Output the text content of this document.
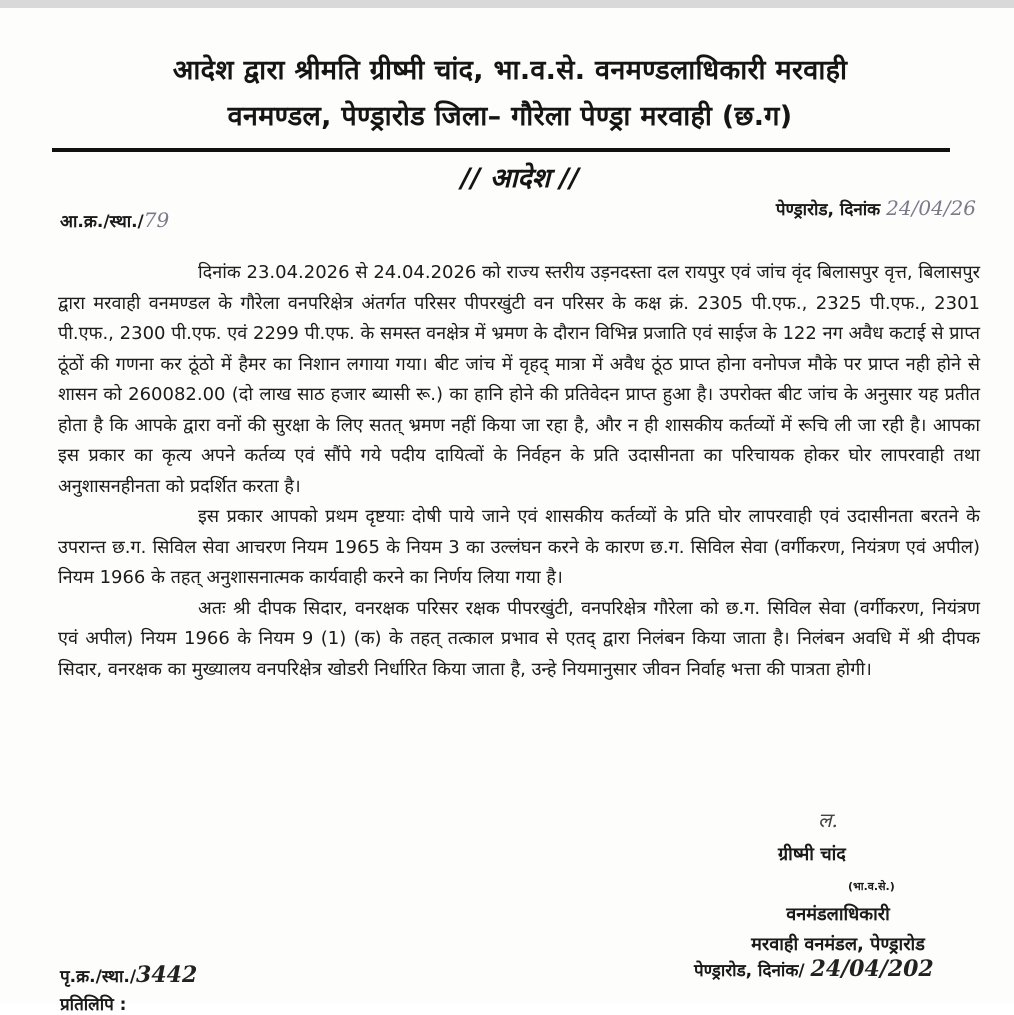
आदेश द्वारा श्रीमति ग्रीष्मी चांद, भा.व.से. वनमण्डलाधिकारी मरवाही
वनमण्डल, पेण्ड्रारोड जिला– गौरेला पेण्ड्रा मरवाही (छ.ग)
// आदेश //
आ.क्र./स्था./79	पेण्ड्रारोड, दिनांक 24/04/26

दिनांक 23.04.2026 से 24.04.2026 को राज्य स्तरीय उड़नदस्ता दल रायपुर एवं जांच वृंद बिलासपुर वृत्त, बिलासपुर द्वारा मरवाही वनमण्डल के गौरेला वनपरिक्षेत्र अंतर्गत परिसर पीपरखुंटी वन परिसर के कक्ष क्रं. 2305 पी.एफ., 2325 पी.एफ., 2301 पी.एफ., 2300 पी.एफ. एवं 2299 पी.एफ. के समस्त वनक्षेत्र में भ्रमण के दौरान विभिन्न प्रजाति एवं साईज के 122 नग अवैध कटाई से प्राप्त ठूंठों की गणना कर ठूंठो में हैमर का निशान लगाया गया। बीट जांच में वृहद् मात्रा में अवैध ठूंठ प्राप्त होना वनोपज मौके पर प्राप्त नही होने से शासन को 260082.00 (दो लाख साठ हजार ब्यासी रू.) का हानि होने की प्रतिवेदन प्राप्त हुआ है। उपरोक्त बीट जांच के अनुसार यह प्रतीत होता है कि आपके द्वारा वनों की सुरक्षा के लिए सतत् भ्रमण नहीं किया जा रहा है, और न ही शासकीय कर्तव्यों में रूचि ली जा रही है। आपका इस प्रकार का कृत्य अपने कर्तव्य एवं सौंपे गये पदीय दायित्वों के निर्वहन के प्रति उदासीनता का परिचायक होकर घोर लापरवाही तथा अनुशासनहीनता को प्रदर्शित करता है।

इस प्रकार आपको प्रथम दृष्टयाः दोषी पाये जाने एवं शासकीय कर्तव्यों के प्रति घोर लापरवाही एवं उदासीनता बरतने के उपरान्त छ.ग. सिविल सेवा आचरण नियम 1965 के नियम 3 का उल्लंघन करने के कारण छ.ग. सिविल सेवा (वर्गीकरण, नियंत्रण एवं अपील) नियम 1966 के तहत् अनुशासनात्मक कार्यवाही करने का निर्णय लिया गया है।

अतः श्री दीपक सिदार, वनरक्षक परिसर रक्षक पीपरखुंटी, वनपरिक्षेत्र गौरेला को छ.ग. सिविल सेवा (वर्गीकरण, नियंत्रण एवं अपील) नियम 1966 के नियम 9 (1) (क) के तहत् तत्काल प्रभाव से एतद् द्वारा निलंबन किया जाता है। निलंबन अवधि में श्री दीपक सिदार, वनरक्षक का मुख्यालय वनपरिक्षेत्र खोडरी निर्धारित किया जाता है, उन्हे नियमानुसार जीवन निर्वाह भत्ता की पात्रता होगी।

ल.
ग्रीष्मी चांद
(भा.व.से.)
वनमंडलाधिकारी
मरवाही वनमंडल, पेण्ड्रारोड
पृ.क्र./स्था./3442
प्रतिलिपि :
पेण्ड्रारोड, दिनांक/ 24/04/202
